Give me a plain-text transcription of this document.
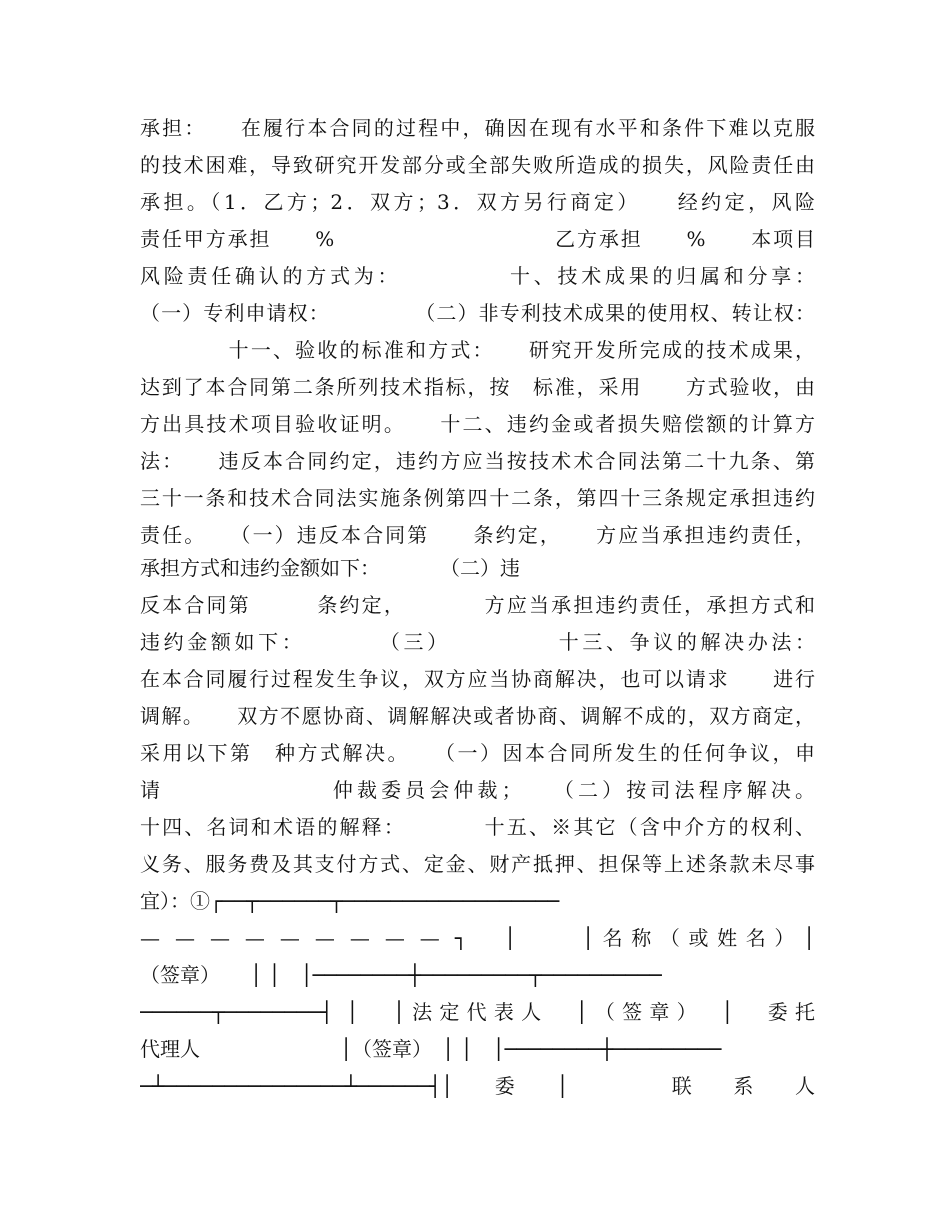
承担：　　在履行本合同的过程中，确因在现有水平和条件下难以克服
的技术困难，导致研究开发部分或全部失败所造成的损失，风险责任由
承担。（1．乙方；2．双方；3．双方另行商定）　　经约定，风险
责任甲方承担　　%　　　　　　　　　　乙方承担　　%　　本项目
风险责任确认的方式为：　　　　　十、技术成果的归属和分享：
（一）专利申请权：　　　　　（二）非专利技术成果的使用权、转让权：
　　　　十一、验收的标准和方式：　　研究开发所完成的技术成果，
达到了本合同第二条所列技术指标，按　标准，采用　　方式验收，由
方出具技术项目验收证明。　　十二、违约金或者损失赔偿额的计算方
法：　　违反本合同约定，违约方应当按技术术合同法第二十九条、第
三十一条和技术合同法实施条例第四十二条，第四十三条规定承担违约
责任。　　（一）违反本合同第　　条约定，　　方应当承担违约责任，
承担方式和违约金额如下：　　　　（二）违
反本合同第　　　条约定，　　　　方应当承担违约责任，承担方式和
违约金额如下：　　　　（三）　　　　　十三、争议的解决办法：
在本合同履行过程发生争议，双方应当协商解决，也可以请求　　进行
调解。　　双方不愿协商、调解解决或者协商、调解不成的，双方商定，
采用以下第　种方式解决。　　（一）因本合同所发生的任何争议，申
请　　　　　　　仲裁委员会仲裁；　　（二）按司法程序解决。
十四、名词和术语的解释：　　　　十五、※其它（含中介方的权利、
义务、服务费及其支付方式、定金、财产抵押、担保等上述条款未尽事
宜）：①┌──┬──────┬──────────────────
— — — — — — — — — ┐　│　　│名称（或姓名）│
（签章）　　│ │　│────────┼─────────┬──────────
──────┬────────┤ │　│法定代表人　│（签章）　│　委托
代理人　　　　　　　│（签章）　│ │　│────────┼─────────
─┴───────────────┴──────┤│委│　联系人
